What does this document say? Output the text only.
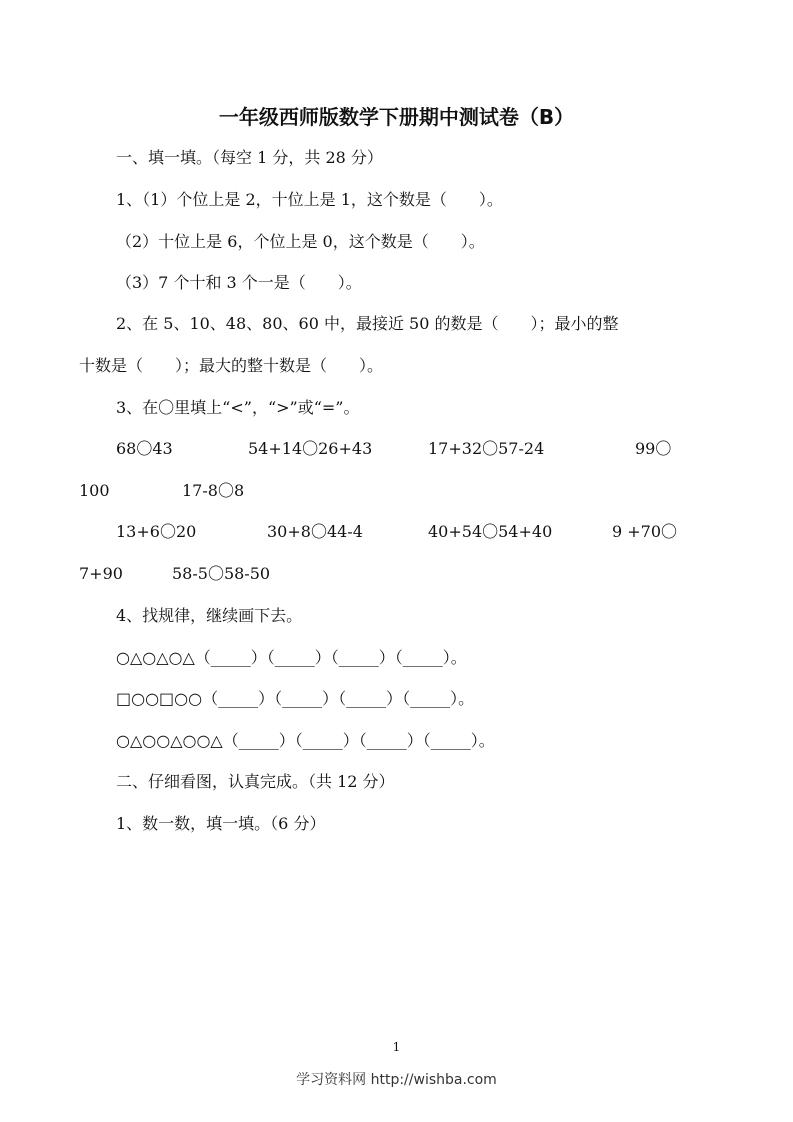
一年级西师版数学下册期中测试卷（B）
一、填一填。（每空 1 分，共 28 分）
1、（1）个位上是 2，十位上是 1，这个数是（　　）。
（2）十位上是 6，个位上是 0，这个数是（　　）。
（3）7 个十和 3 个一是（　　）。
2、在 5、10、48、80、60 中，最接近 50 的数是（　　）；最小的整
十数是（　　）；最大的整十数是（　　）。
3、在〇里填上“<”，“>”或“=”。
68〇43	54+14〇26+43	17+32〇57-24	99〇
100	17-8〇8
13+6〇20	30+8〇44-4	40+54〇54+40	9 +70〇
7+90	58-5〇58-50
4、找规律，继续画下去。
○△○△○△（_____）（_____）（_____）（_____）。
□○○□○○（_____）（_____）（_____）（_____）。
○△○○△○○△（_____）（_____）（_____）（_____）。
二、仔细看图，认真完成。（共 12 分）
1、数一数，填一填。（6 分）
1
学习资料网 http://wishba.com
